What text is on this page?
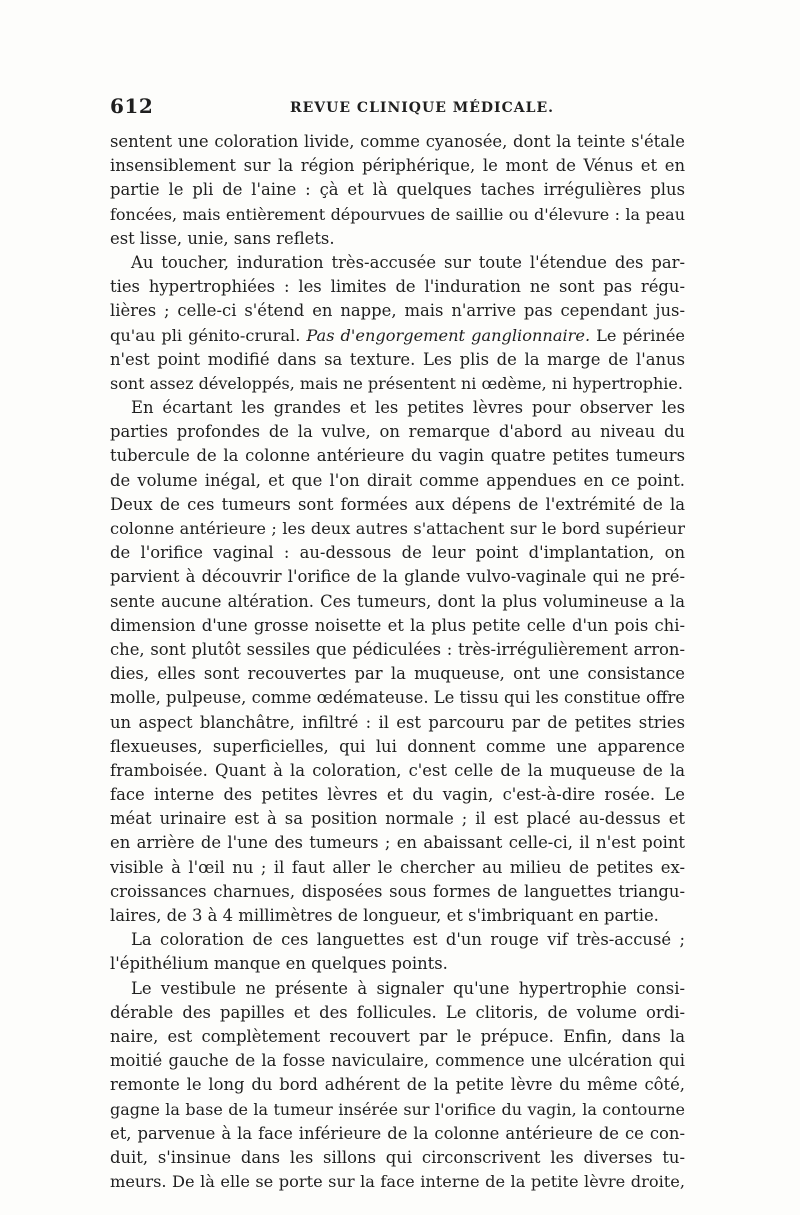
612	REVUE CLINIQUE MÉDICALE.
sentent une coloration livide, comme cyanosée, dont la teinte s'étale
insensiblement sur la région périphérique, le mont de Vénus et en
partie le pli de l'aine : çà et là quelques taches irrégulières plus
foncées, mais entièrement dépourvues de saillie ou d'élevure : la peau
est lisse, unie, sans reflets.
Au toucher, induration très-accusée sur toute l'étendue des par-
ties hypertrophiées : les limites de l'induration ne sont pas régu-
lières ; celle-ci s'étend en nappe, mais n'arrive pas cependant jus-
qu'au pli génito-crural. Pas d'engorgement ganglionnaire. Le périnée
n'est point modifié dans sa texture. Les plis de la marge de l'anus
sont assez développés, mais ne présentent ni œdème, ni hypertrophie.
En écartant les grandes et les petites lèvres pour observer les
parties profondes de la vulve, on remarque d'abord au niveau du
tubercule de la colonne antérieure du vagin quatre petites tumeurs
de volume inégal, et que l'on dirait comme appendues en ce point.
Deux de ces tumeurs sont formées aux dépens de l'extrémité de la
colonne antérieure ; les deux autres s'attachent sur le bord supérieur
de l'orifice vaginal : au-dessous de leur point d'implantation, on
parvient à découvrir l'orifice de la glande vulvo-vaginale qui ne pré-
sente aucune altération. Ces tumeurs, dont la plus volumineuse a la
dimension d'une grosse noisette et la plus petite celle d'un pois chi-
che, sont plutôt sessiles que pédiculées : très-irrégulièrement arron-
dies, elles sont recouvertes par la muqueuse, ont une consistance
molle, pulpeuse, comme œdémateuse. Le tissu qui les constitue offre
un aspect blanchâtre, infiltré : il est parcouru par de petites stries
flexueuses, superficielles, qui lui donnent comme une apparence
framboisée. Quant à la coloration, c'est celle de la muqueuse de la
face interne des petites lèvres et du vagin, c'est-à-dire rosée. Le
méat urinaire est à sa position normale ; il est placé au-dessus et
en arrière de l'une des tumeurs ; en abaissant celle-ci, il n'est point
visible à l'œil nu ; il faut aller le chercher au milieu de petites ex-
croissances charnues, disposées sous formes de languettes triangu-
laires, de 3 à 4 millimètres de longueur, et s'imbriquant en partie.
La coloration de ces languettes est d'un rouge vif très-accusé ;
l'épithélium manque en quelques points.
Le vestibule ne présente à signaler qu'une hypertrophie consi-
dérable des papilles et des follicules. Le clitoris, de volume ordi-
naire, est complètement recouvert par le prépuce. Enfin, dans la
moitié gauche de la fosse naviculaire, commence une ulcération qui
remonte le long du bord adhérent de la petite lèvre du même côté,
gagne la base de la tumeur insérée sur l'orifice du vagin, la contourne
et, parvenue à la face inférieure de la colonne antérieure de ce con-
duit, s'insinue dans les sillons qui circonscrivent les diverses tu-
meurs. De là elle se porte sur la face interne de la petite lèvre droite,
